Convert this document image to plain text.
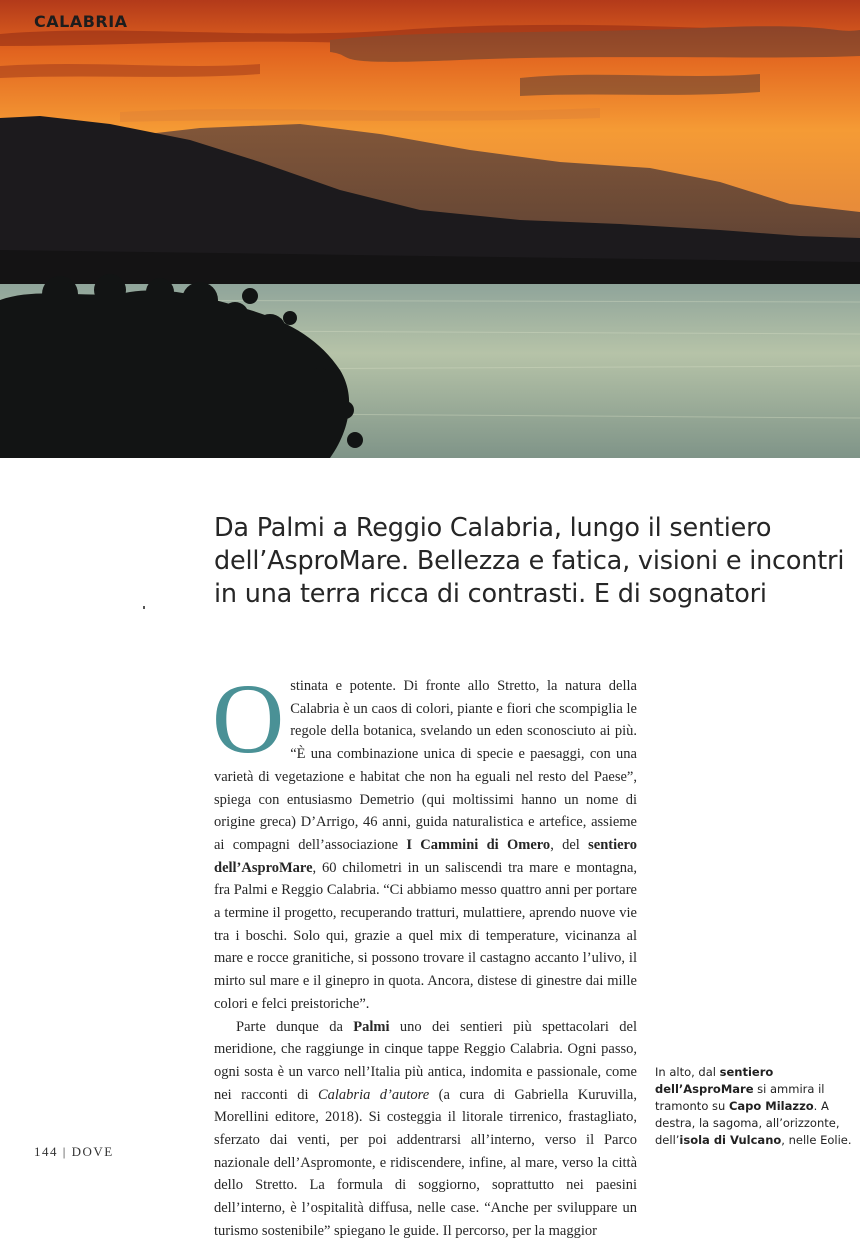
CALABRIA
Da Palmi a Reggio Calabria, lungo il sentiero
dell’AsproMare. Bellezza e fatica, visioni e incontri
in una terra ricca di contrasti. E di sognatori

Ostinata e potente. Di fronte allo Stretto, la natura della Calabria è un caos di colori, piante e fiori che scompiglia le regole della botanica, svelando un eden sconosciuto ai più. “È una combinazione unica di specie e paesaggi, con una varietà di vegetazione e habitat che non ha eguali nel resto del Paese”, spiega con entusiasmo Demetrio (qui moltissimi hanno un nome di origine greca) D’Arrigo, 46 anni, guida naturalistica e artefice, assieme ai compagni dell’associazione I Cammini di Omero, del sentiero dell’AsproMare, 60 chilometri in un saliscendi tra mare e montagna, fra Palmi e Reggio Calabria. “Ci abbiamo messo quattro anni per portare a termine il progetto, recuperando tratturi, mulattiere, aprendo nuove vie tra i boschi. Solo qui, grazie a quel mix di temperature, vicinanza al mare e rocce granitiche, si possono trovare il castagno accanto l’ulivo, il mirto sul mare e il ginepro in quota. Ancora, distese di ginestre dai mille colori e felci preistoriche”.

Parte dunque da Palmi uno dei sentieri più spettacolari del meridione, che raggiunge in cinque tappe Reggio Calabria. Ogni passo, ogni sosta è un varco nell’Italia più antica, indomita e passionale, come nei racconti di Calabria d’autore (a cura di Gabriella Kuruvilla, Morellini editore, 2018). Si costeggia il litorale tirrenico, frastagliato, sferzato dai venti, per poi addentrarsi all’interno, verso il Parco nazionale dell’Aspromonte, e ridiscendere, infine, al mare, verso la città dello Stretto. La formula di soggiorno, soprattutto nei paesini dell’interno, è l’ospitalità diffusa, nelle case. “Anche per sviluppare un turismo sostenibile” spiegano le guide. Il percorso, per la maggior

In alto, dal sentiero dell’AsproMare si ammira il tramonto su Capo Milazzo. A destra, la sagoma, all’orizzonte, dell’isola di Vulcano, nelle Eolie.
144 | DOVE
